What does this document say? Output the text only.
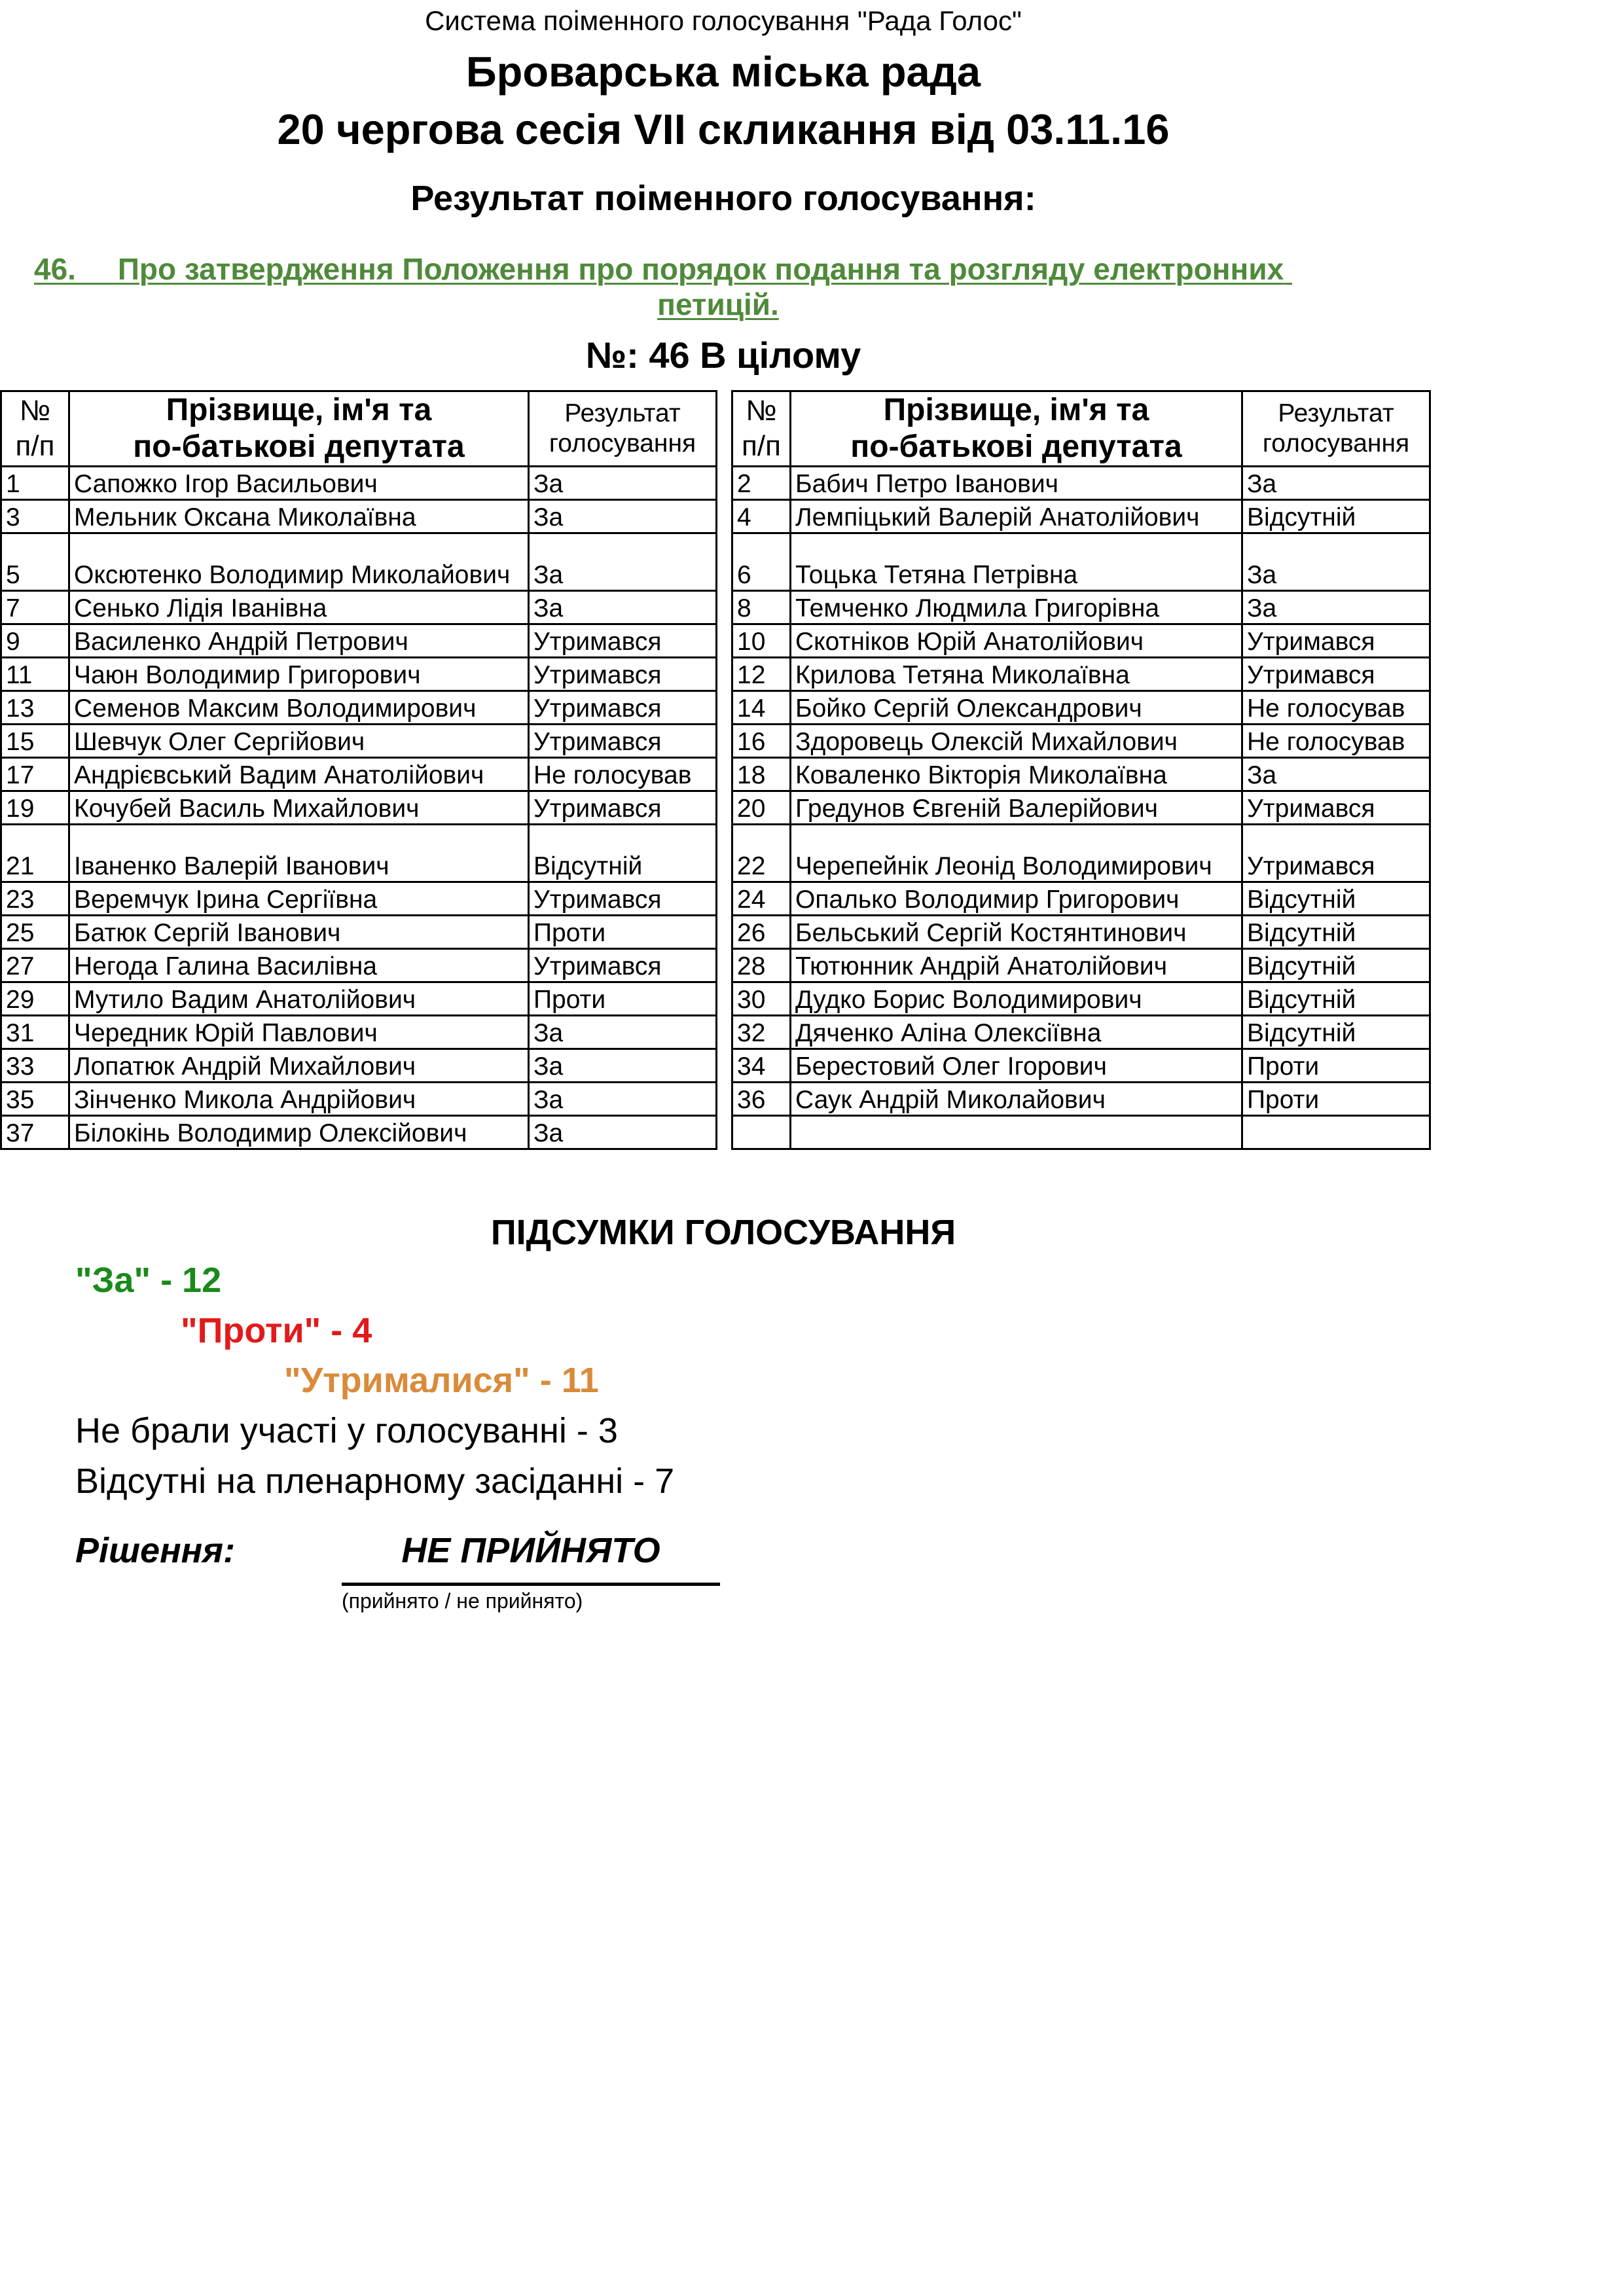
Система поіменного голосування "Рада Голос"
Броварська міська рада
20 чергова сесія VII скликання від 03.11.16
Результат поіменного голосування:
46. Про затвердження Положення про порядок подання та розгляду електронних
петицій.
№: 46 В цілому
№
п/п	Прізвище, ім'я та
по-батькові депутата	Результат
голосування
1	Сапожко Ігор Васильович	За
3	Мельник Оксана Миколаївна	За
5	Оксютенко Володимир Миколайович	За
7	Сенько Лідія Іванівна	За
9	Василенко Андрій Петрович	Утримався
11	Чаюн Володимир Григорович	Утримався
13	Семенов Максим Володимирович	Утримався
15	Шевчук Олег Сергійович	Утримався
17	Андрієвський Вадим Анатолійович	Не голосував
19	Кочубей Василь Михайлович	Утримався
21	Іваненко Валерій Іванович	Відсутній
23	Веремчук Ірина Сергіївна	Утримався
25	Батюк Сергій Іванович	Проти
27	Негода Галина Василівна	Утримався
29	Мутило Вадим Анатолійович	Проти
31	Чередник Юрій Павлович	За
33	Лопатюк Андрій Михайлович	За
35	Зінченко Микола Андрійович	За
37	Білокінь Володимир Олексійович	За
№
п/п	Прізвище, ім'я та
по-батькові депутата	Результат
голосування
2	Бабич Петро Іванович	За
4	Лемпіцький Валерій Анатолійович	Відсутній
6	Тоцька Тетяна Петрівна	За
8	Темченко Людмила Григорівна	За
10	Скотніков Юрій Анатолійович	Утримався
12	Крилова Тетяна Миколаївна	Утримався
14	Бойко Сергій Олександрович	Не голосував
16	Здоровець Олексій Михайлович	Не голосував
18	Коваленко Вікторія Миколаївна	За
20	Гредунов Євгеній Валерійович	Утримався
22	Черепейнік Леонід Володимирович	Утримався
24	Опалько Володимир Григорович	Відсутній
26	Бельський Сергій Костянтинович	Відсутній
28	Тютюнник Андрій Анатолійович	Відсутній
30	Дудко Борис Володимирович	Відсутній
32	Дяченко Аліна Олексіївна	Відсутній
34	Берестовий Олег Ігорович	Проти
36	Саук Андрій Миколайович	Проти

ПІДСУМКИ ГОЛОСУВАННЯ
"За" - 12
"Проти" - 4
"Утрималися" - 11
Не брали участі у голосуванні - 3
Відсутні на пленарному засіданні - 7
Рішення:	НЕ ПРИЙНЯТО
(прийнято / не прийнято)
